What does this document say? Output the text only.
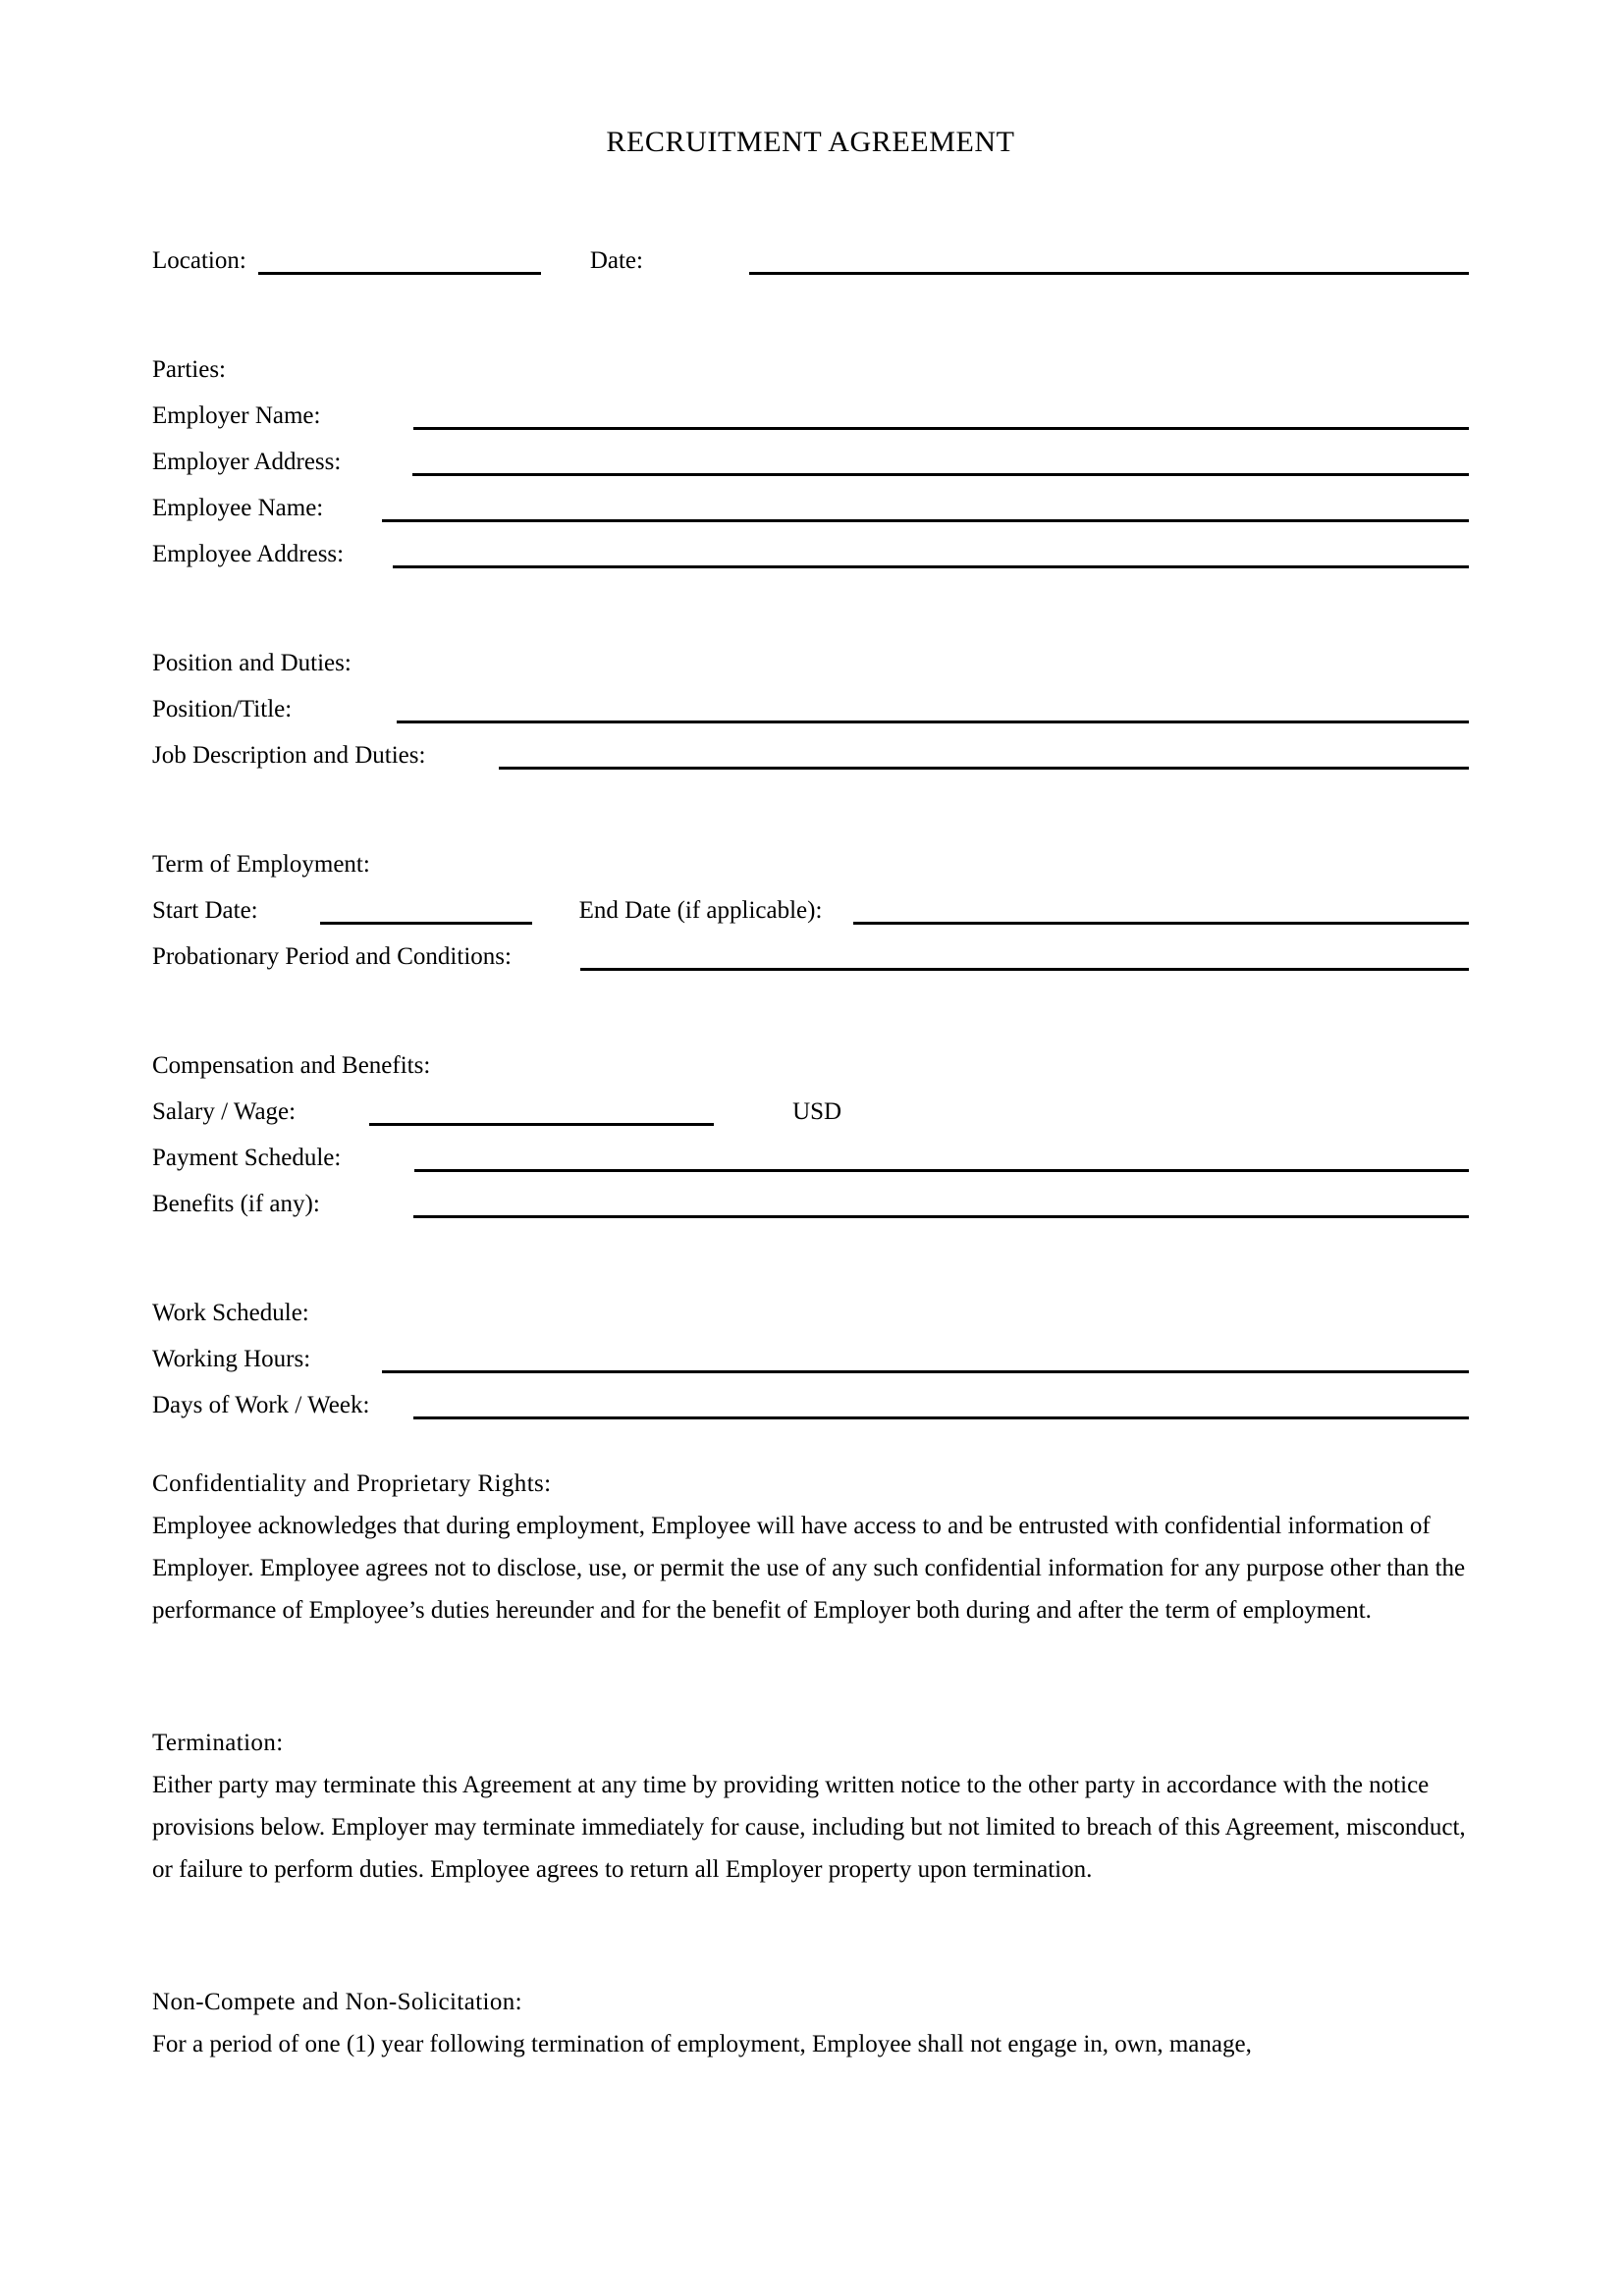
RECRUITMENT AGREEMENT
Location:	Date:
Parties:
Employer Name:
Employer Address:
Employee Name:
Employee Address:
Position and Duties:
Position/Title:
Job Description and Duties:
Term of Employment:
Start Date:	End Date (if applicable):
Probationary Period and Conditions:
Compensation and Benefits:
Salary / Wage:	USD
Payment Schedule:
Benefits (if any):
Work Schedule:
Working Hours:
Days of Work / Week:

Confidentiality and Proprietary Rights:

Employee acknowledges that during employment, Employee will have access to and be entrusted with confidential information of Employer. Employee agrees not to disclose, use, or permit the use of any such confidential information for any purpose other than the performance of Employee’s duties hereunder and for the benefit of Employer both during and after the term of employment.

Termination:

Either party may terminate this Agreement at any time by providing written notice to the other party in accordance with the notice provisions below. Employer may terminate immediately for cause, including but not limited to breach of this Agreement, misconduct, or failure to perform duties. Employee agrees to return all Employer property upon termination.

Non-Compete and Non-Solicitation:

For a period of one (1) year following termination of employment, Employee shall not engage in, own, manage,
